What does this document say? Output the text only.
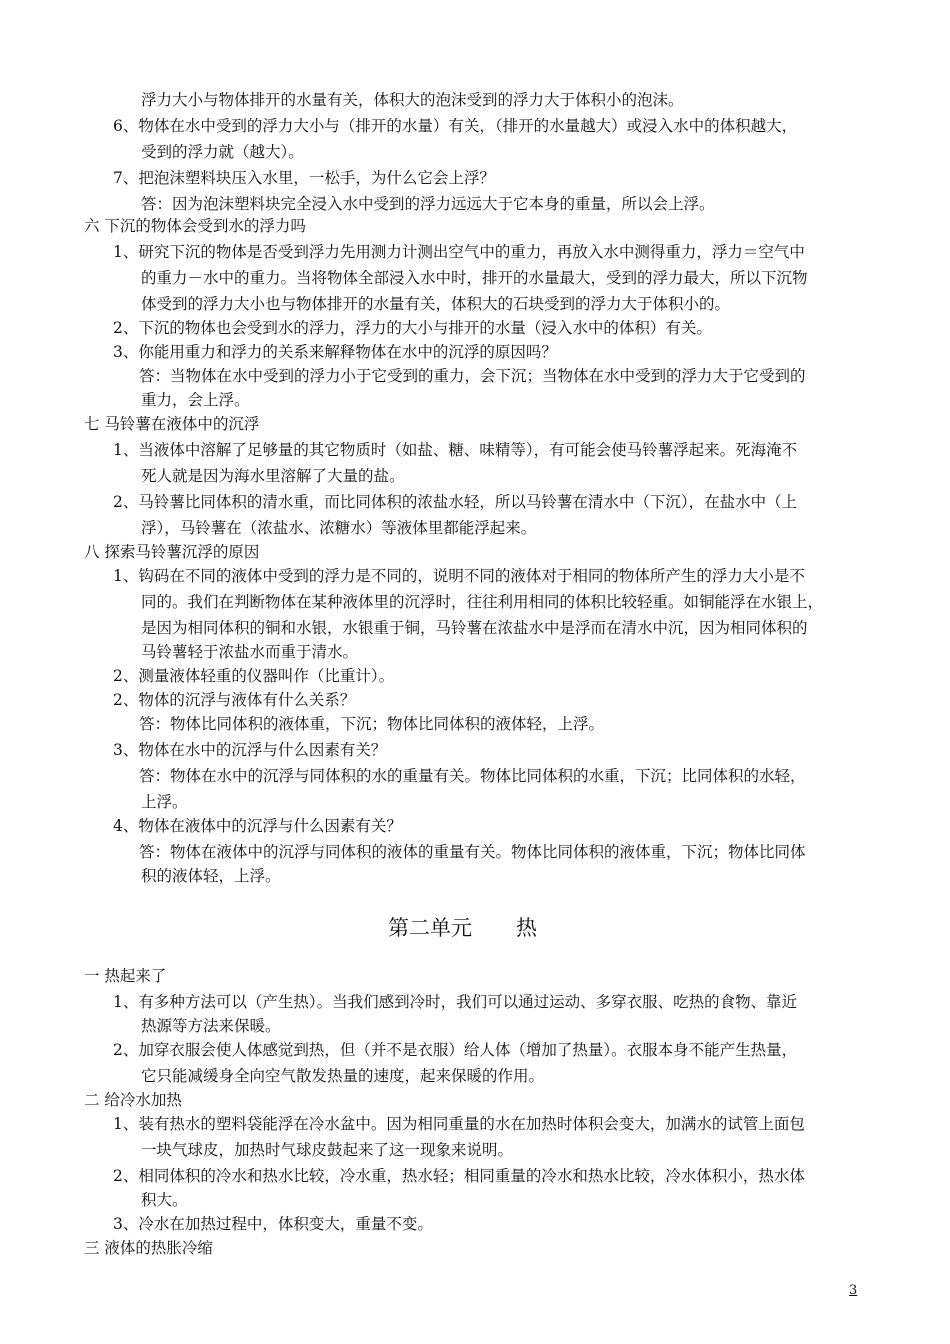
浮力大小与物体排开的水量有关，体积大的泡沫受到的浮力大于体积小的泡沫。
6、物体在水中受到的浮力大小与（排开的水量）有关，（排开的水量越大）或浸入水中的体积越大，
受到的浮力就（越大）。
7、把泡沫塑料块压入水里，一松手，为什么它会上浮？
答：因为泡沫塑料块完全浸入水中受到的浮力远远大于它本身的重量，所以会上浮。
六 下沉的物体会受到水的浮力吗
1、研究下沉的物体是否受到浮力先用测力计测出空气中的重力，再放入水中测得重力，浮力＝空气中
的重力－水中的重力。当将物体全部浸入水中时，排开的水量最大，受到的浮力最大，所以下沉物
体受到的浮力大小也与物体排开的水量有关，体积大的石块受到的浮力大于体积小的。
2、下沉的物体也会受到水的浮力，浮力的大小与排开的水量（浸入水中的体积）有关。
3、你能用重力和浮力的关系来解释物体在水中的沉浮的原因吗？
答：当物体在水中受到的浮力小于它受到的重力，会下沉；当物体在水中受到的浮力大于它受到的
重力，会上浮。
七 马铃薯在液体中的沉浮
1、当液体中溶解了足够量的其它物质时（如盐、糖、味精等），有可能会使马铃薯浮起来。死海淹不
死人就是因为海水里溶解了大量的盐。
2、马铃薯比同体积的清水重，而比同体积的浓盐水轻，所以马铃薯在清水中（下沉），在盐水中（上
浮），马铃薯在（浓盐水、浓糖水）等液体里都能浮起来。
八 探索马铃薯沉浮的原因
1、钩码在不同的液体中受到的浮力是不同的，说明不同的液体对于相同的物体所产生的浮力大小是不
同的。我们在判断物体在某种液体里的沉浮时，往往利用相同的体积比较轻重。如铜能浮在水银上，
是因为相同体积的铜和水银，水银重于铜，马铃薯在浓盐水中是浮而在清水中沉，因为相同体积的
马铃薯轻于浓盐水而重于清水。
2、测量液体轻重的仪器叫作（比重计）。
2、物体的沉浮与液体有什么关系？
答：物体比同体积的液体重，下沉；物体比同体积的液体轻，上浮。
3、物体在水中的沉浮与什么因素有关？
答：物体在水中的沉浮与同体积的水的重量有关。物体比同体积的水重，下沉；比同体积的水轻，
上浮。
4、物体在液体中的沉浮与什么因素有关？
答：物体在液体中的沉浮与同体积的液体的重量有关。物体比同体积的液体重，下沉；物体比同体
积的液体轻，上浮。
第二单元 热
一 热起来了
1、有多种方法可以（产生热）。当我们感到冷时，我们可以通过运动、多穿衣服、吃热的食物、靠近
热源等方法来保暖。
2、加穿衣服会使人体感觉到热，但（并不是衣服）给人体（增加了热量）。衣服本身不能产生热量，
它只能减缓身全向空气散发热量的速度，起来保暖的作用。
二 给冷水加热
1、装有热水的塑料袋能浮在冷水盆中。因为相同重量的水在加热时体积会变大，加满水的试管上面包
一块气球皮，加热时气球皮鼓起来了这一现象来说明。
2、相同体积的冷水和热水比较，冷水重，热水轻；相同重量的冷水和热水比较，冷水体积小，热水体
积大。
3、冷水在加热过程中，体积变大，重量不变。
三 液体的热胀冷缩
3
